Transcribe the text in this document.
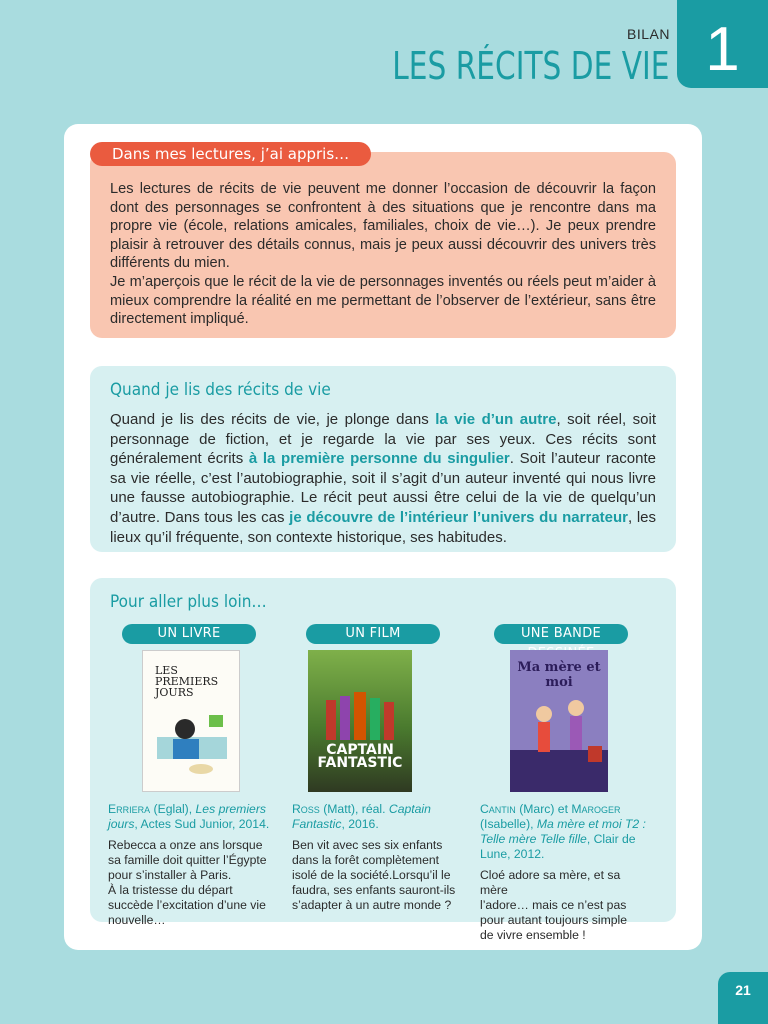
BILAN
LES RÉCITS DE VIE 1
Dans mes lectures, j’ai appris…
Les lectures de récits de vie peuvent me donner l’occasion de découvrir la façon dont des personnages se confrontent à des situations que je rencontre dans ma propre vie (école, relations amicales, familiales, choix de vie…). Je peux prendre plaisir à retrouver des détails connus, mais je peux aussi découvrir des univers très différents du mien.
Je m’aperçois que le récit de la vie de personnages inventés ou réels peut m’aider à mieux comprendre la réalité en me permettant de l’observer de l’extérieur, sans être directement impliqué.
Quand je lis des récits de vie
Quand je lis des récits de vie, je plonge dans la vie d’un autre, soit réel, soit personnage de fiction, et je regarde la vie par ses yeux. Ces récits sont généralement écrits à la première personne du singulier. Soit l’auteur raconte sa vie réelle, c’est l’autobiographie, soit il s’agit d’un auteur inventé qui nous livre une fausse autobiographie. Le récit peut aussi être celui de la vie de quelqu’un d’autre. Dans tous les cas je découvre de l’intérieur l’univers du narrateur, les lieux qu’il fréquente, son contexte historique, ses habitudes.
Pour aller plus loin…
UN LIVRE
LES PREMIERS JOURS
Erriera (Eglal), Les premiers jours, Actes Sud Junior, 2014.
Rebecca a onze ans lorsque
sa famille doit quitter l’Égypte
pour s’installer à Paris.
À la tristesse du départ
succède l’excitation d’une vie
nouvelle…
UN FILM
CAPTAIN FANTASTIC
Ross (Matt), réal. Captain Fantastic, 2016.
Ben vit avec ses six enfants
dans la forêt complètement
isolé de la société.Lorsqu’il le
faudra, ses enfants sauront-ils
s’adapter à un autre monde ?
UNE BANDE
Ma mère et moi
Cantin (Marc) et Maroger (Isabelle), Ma mère et moi T2 : Telle mère Telle fille, Clair de Lune, 2012.
Cloé adore sa mère, et sa mère
l’adore… mais ce n’est pas
pour autant toujours simple
de vivre ensemble !
21
